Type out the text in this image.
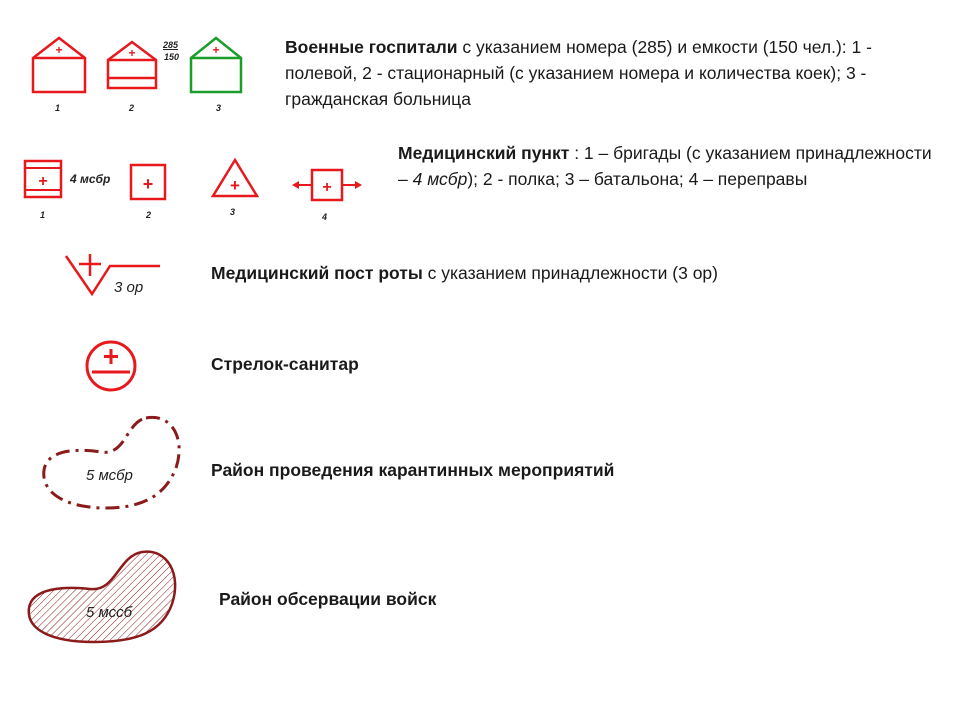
+
1
+
2
285
150	+
3

Военные госпитали с указанием номера (285) и емкости (150 чел.): 1 - полевой, 2 - стационарный (с указанием номера и количества коек); 3 - гражданская больница

+ 4 мсбр
1
+
2
+
3
+
4

Медицинский пункт : 1 – бригады (с указанием принадлежности – 4 мсбр); 2 - полка; 3 – батальона; 4 – переправы

3 ор

Медицинский пост роты с указанием принадлежности (3 ор)

Стрелок-санитар

5 мсбр	Район проведения карантинных мероприятий

5 мссб

Район обсервации войск
